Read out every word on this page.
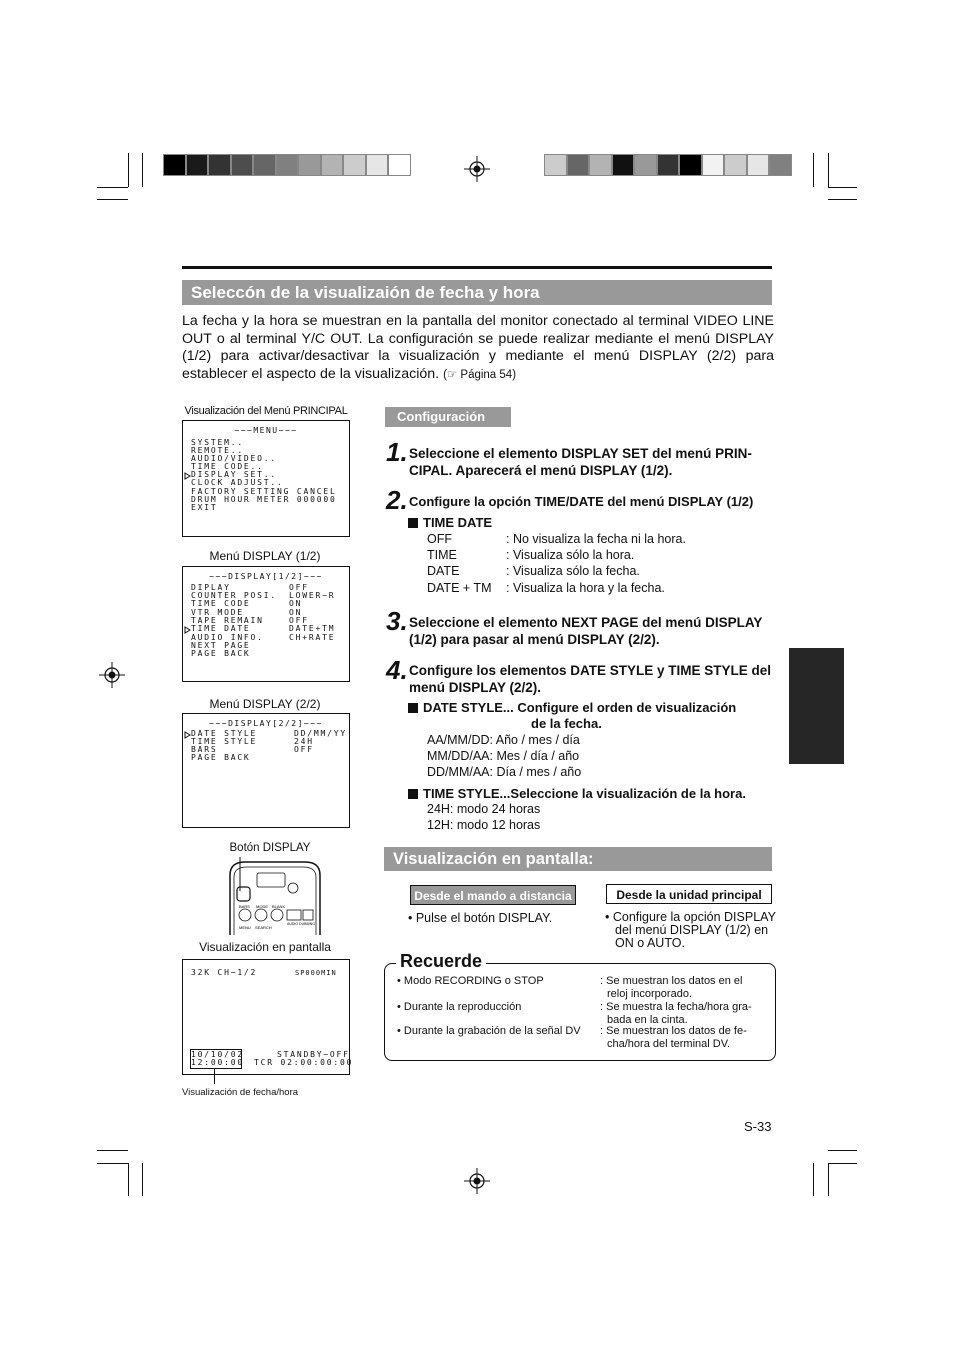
Seleccón de la visualizaión de fecha y hora
La fecha y la hora se muestran en la pantalla del monitor conectado al terminal VIDEO LINE OUT o al terminal Y/C OUT. La configuración se puede realizar mediante el menú DISPLAY (1/2) para activar/desactivar la visualización y mediante el menú DISPLAY (2/2) para establecer el aspecto de la visualización. (☞ Página 54)
Visualización del Menú PRINCIPAL
−−−MENU−−−
SYSTEM..
REMOTE..
AUDIO/VIDEO..
TIME CODE..
DISPLAY SET..
CLOCK ADJUST..
FACTORY SETTING CANCEL
DRUM HOUR METER 000000
EXIT
Menú DISPLAY (1/2)
−−−DISPLAY[1/2]−−−
DIPLAY	OFF
COUNTER POSI. LOWER−R
TIME CODE	ON
VTR MODE	ON
TAPE REMAIN	OFF
TIME DATE	DATE+TM
AUDIO INFO.	CH+RATE
NEXT PAGE
PAGE BACK
Menú DISPLAY (2/2)
−−−DISPLAY[2/2]−−−
DATE STYLE	DD/MM/YY
TIME STYLE	24H
BARS	OFF
PAGE BACK
Botón DISPLAY
BARS MODE BLANK
MENU SEARCH
AUDIO DUBBING
Visualización en pantalla
32K CH−1/2	SP000MIN
10/10/02
12:00:00
STANDBY−OFF
TCR 02:00:00:00
Visualización de fecha/hora
Configuración
1. Seleccione el elemento DISPLAY SET del menú PRIN- CIPAL. Aparecerá el menú DISPLAY (1/2).
2. Configure la opción TIME/DATE del menú DISPLAY (1/2)
TIME DATE
OFF	: No visualiza la fecha ni la hora.
TIME	: Visualiza sólo la hora.
DATE	: Visualiza sólo la fecha.
DATE + TM : Visualiza la hora y la fecha.
3. Seleccione el elemento NEXT PAGE del menú DISPLAY (1/2) para pasar al menú DISPLAY (2/2).
4. Configure los elementos DATE STYLE y TIME STYLE del menú DISPLAY (2/2).
DATE STYLE... Configure el orden de visualización
de la fecha.
AA/MM/DD: Año / mes / día
MM/DD/AA: Mes / día / año
DD/MM/AA: Día / mes / año
TIME STYLE...Seleccione la visualización de la hora.
24H: modo 24 horas
12H: modo 12 horas
Visualización en pantalla:
Desde el mando a distancia	Desde la unidad principal
• Pulse el botón DISPLAY.	• Configure la opción DISPLAY
del menú DISPLAY (1/2) en
ON o AUTO.
Recuerde
• Modo RECORDING o STOP	: Se muestran los datos en el
reloj incorporado.
• Durante la reproducción	: Se muestra la fecha/hora gra-
bada en la cinta.
• Durante la grabación de la señal DV : Se muestran los datos de fe-
cha/hora del terminal DV.
S-33
